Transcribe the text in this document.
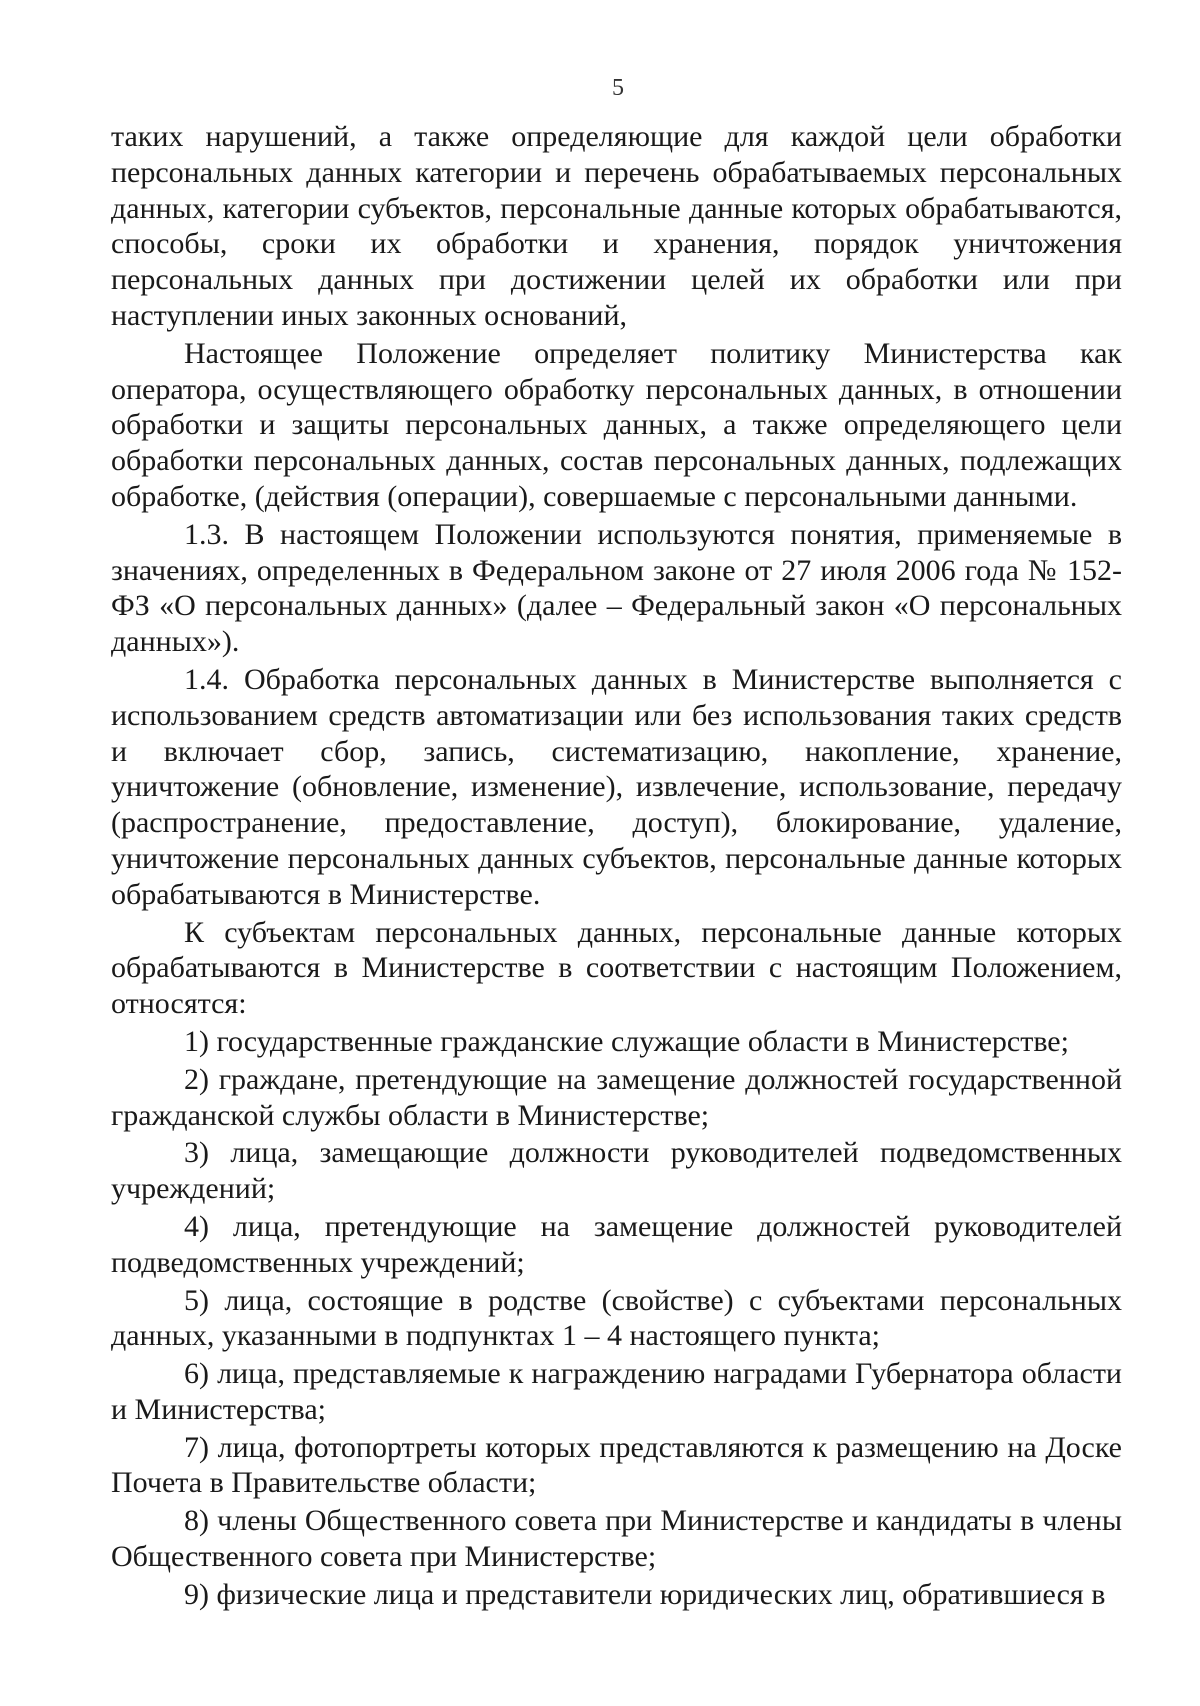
5

таких нарушений, а также определяющие для каждой цели обработки персональных данных категории и перечень обрабатываемых персональных данных, категории субъектов, персональные данные которых обрабатываются, способы, сроки их обработки и хранения, порядок уничтожения персональных данных при достижении целей их обработки или при наступлении иных законных оснований,

Настоящее Положение определяет политику Министерства как оператора, осуществляющего обработку персональных данных, в отношении обработки и защиты персональных данных, а также определяющего цели обработки персональных данных, состав персональных данных, подлежащих обработке, (действия (операции), совершаемые с персональными данными.

1.3. В настоящем Положении используются понятия, применяемые в значениях, определенных в Федеральном законе от 27 июля 2006 года № 152-ФЗ «О персональных данных» (далее – Федеральный закон «О персональных данных»).

1.4. Обработка персональных данных в Министерстве выполняется с использованием средств автоматизации или без использования таких средств и включает сбор, запись, систематизацию, накопление, хранение, уничтожение (обновление, изменение), извлечение, использование, передачу (распространение, предоставление, доступ), блокирование, удаление, уничтожение персональных данных субъектов, персональные данные которых обрабатываются в Министерстве.

К субъектам персональных данных, персональные данные которых обрабатываются в Министерстве в соответствии с настоящим Положением, относятся:

1) государственные гражданские служащие области в Министерстве;

2) граждане, претендующие на замещение должностей государственной гражданской службы области в Министерстве;

3) лица, замещающие должности руководителей подведомственных учреждений;

4) лица, претендующие на замещение должностей руководителей подведомственных учреждений;

5) лица, состоящие в родстве (свойстве) с субъектами персональных данных, указанными в подпунктах 1 – 4 настоящего пункта;

6) лица, представляемые к награждению наградами Губернатора области и Министерства;

7) лица, фотопортреты которых представляются к размещению на Доске Почета в Правительстве области;

8) члены Общественного совета при Министерстве и кандидаты в члены Общественного совета при Министерстве;

9) физические лица и представители юридических лиц, обратившиеся в
